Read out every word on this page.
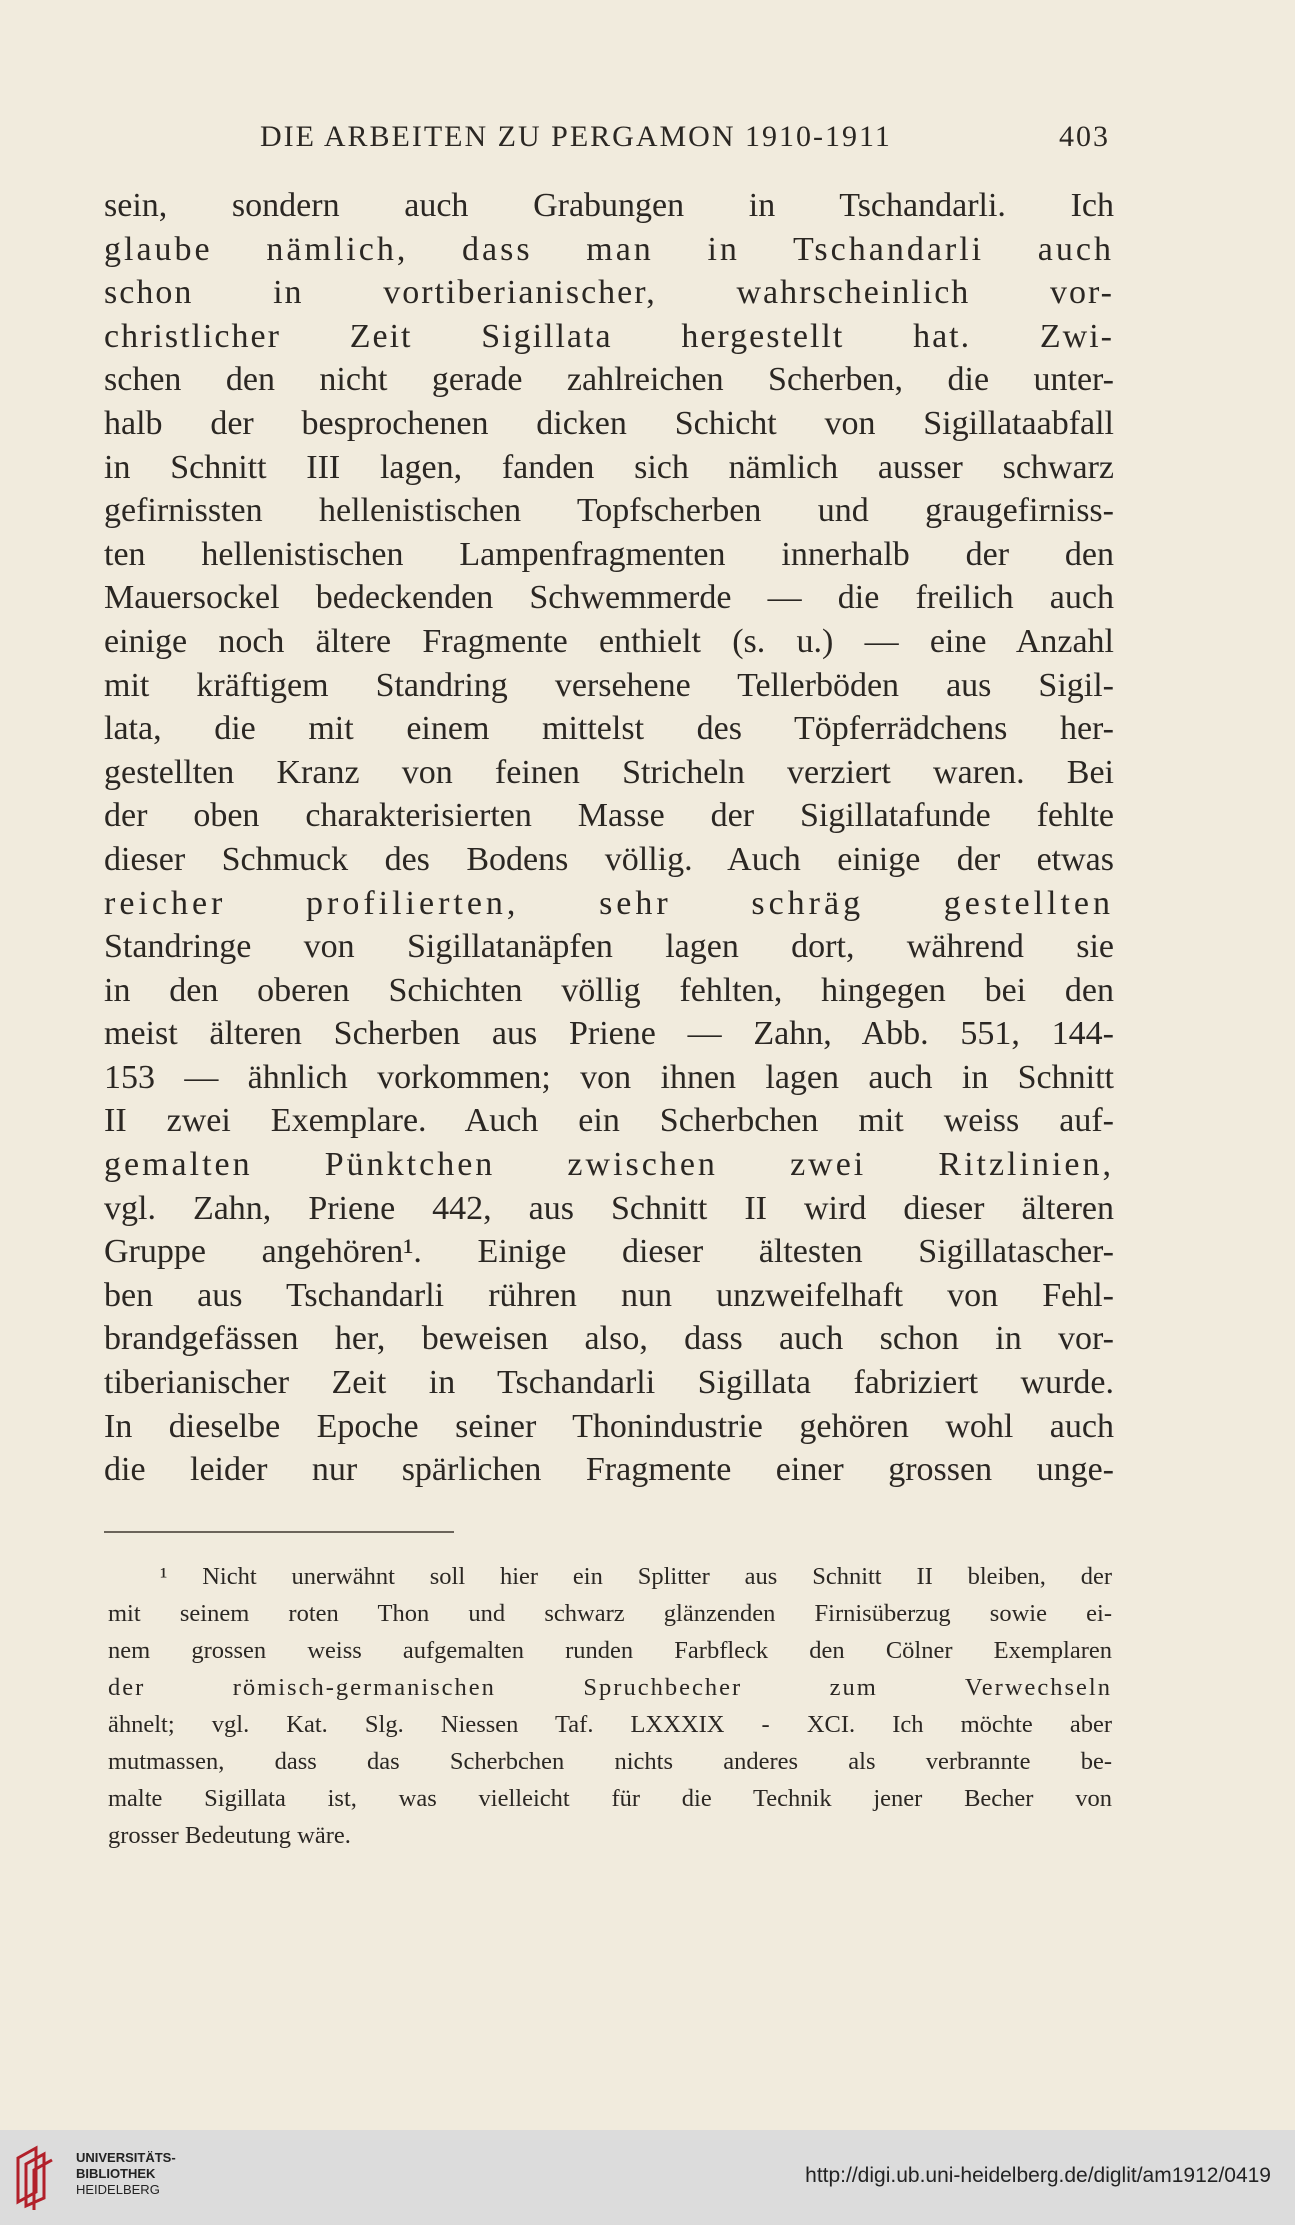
DIE ARBEITEN ZU PERGAMON 1910-1911	403
sein, sondern auch Grabungen in Tschandarli. Ich
glaube nämlich, dass man in Tschandarli auch
schon in vortiberianischer, wahrscheinlich vor-
christlicher Zeit Sigillata hergestellt hat. Zwi-
schen den nicht gerade zahlreichen Scherben, die unter-
halb der besprochenen dicken Schicht von Sigillataabfall
in Schnitt III lagen, fanden sich nämlich ausser schwarz
gefirnissten hellenistischen Topfscherben und graugefirniss-
ten hellenistischen Lampenfragmenten innerhalb der den
Mauersockel bedeckenden Schwemmerde — die freilich auch
einige noch ältere Fragmente enthielt (s. u.) — eine Anzahl
mit kräftigem Standring versehene Tellerböden aus Sigil-
lata, die mit einem mittelst des Töpferrädchens her-
gestellten Kranz von feinen Stricheln verziert waren. Bei
der oben charakterisierten Masse der Sigillatafunde fehlte
dieser Schmuck des Bodens völlig. Auch einige der etwas
reicher profilierten, sehr schräg gestellten
Standringe von Sigillatanäpfen lagen dort, während sie
in den oberen Schichten völlig fehlten, hingegen bei den
meist älteren Scherben aus Priene — Zahn, Abb. 551, 144-
153 — ähnlich vorkommen; von ihnen lagen auch in Schnitt
II zwei Exemplare. Auch ein Scherbchen mit weiss auf-
gemalten Pünktchen zwischen zwei Ritzlinien,
vgl. Zahn, Priene 442, aus Schnitt II wird dieser älteren
Gruppe angehören¹. Einige dieser ältesten Sigillatascher-
ben aus Tschandarli rühren nun unzweifelhaft von Fehl-
brandgefässen her, beweisen also, dass auch schon in vor-
tiberianischer Zeit in Tschandarli Sigillata fabriziert wurde.
In dieselbe Epoche seiner Thonindustrie gehören wohl auch
die leider nur spärlichen Fragmente einer grossen unge-
¹ Nicht unerwähnt soll hier ein Splitter aus Schnitt II bleiben, der
mit seinem roten Thon und schwarz glänzenden Firnisüberzug sowie ei-
nem grossen weiss aufgemalten runden Farbfleck den Cölner Exemplaren
der römisch-germanischen Spruchbecher zum Verwechseln
ähnelt; vgl. Kat. Slg. Niessen Taf. LXXXIX - XCI. Ich möchte aber
mutmassen, dass das Scherbchen nichts anderes als verbrannte be-
malte Sigillata ist, was vielleicht für die Technik jener Becher von
grosser Bedeutung wäre.
UNIVERSITÄTS-
BIBLIOTHEK
HEIDELBERG
http://digi.ub.uni-heidelberg.de/diglit/am1912/0419
